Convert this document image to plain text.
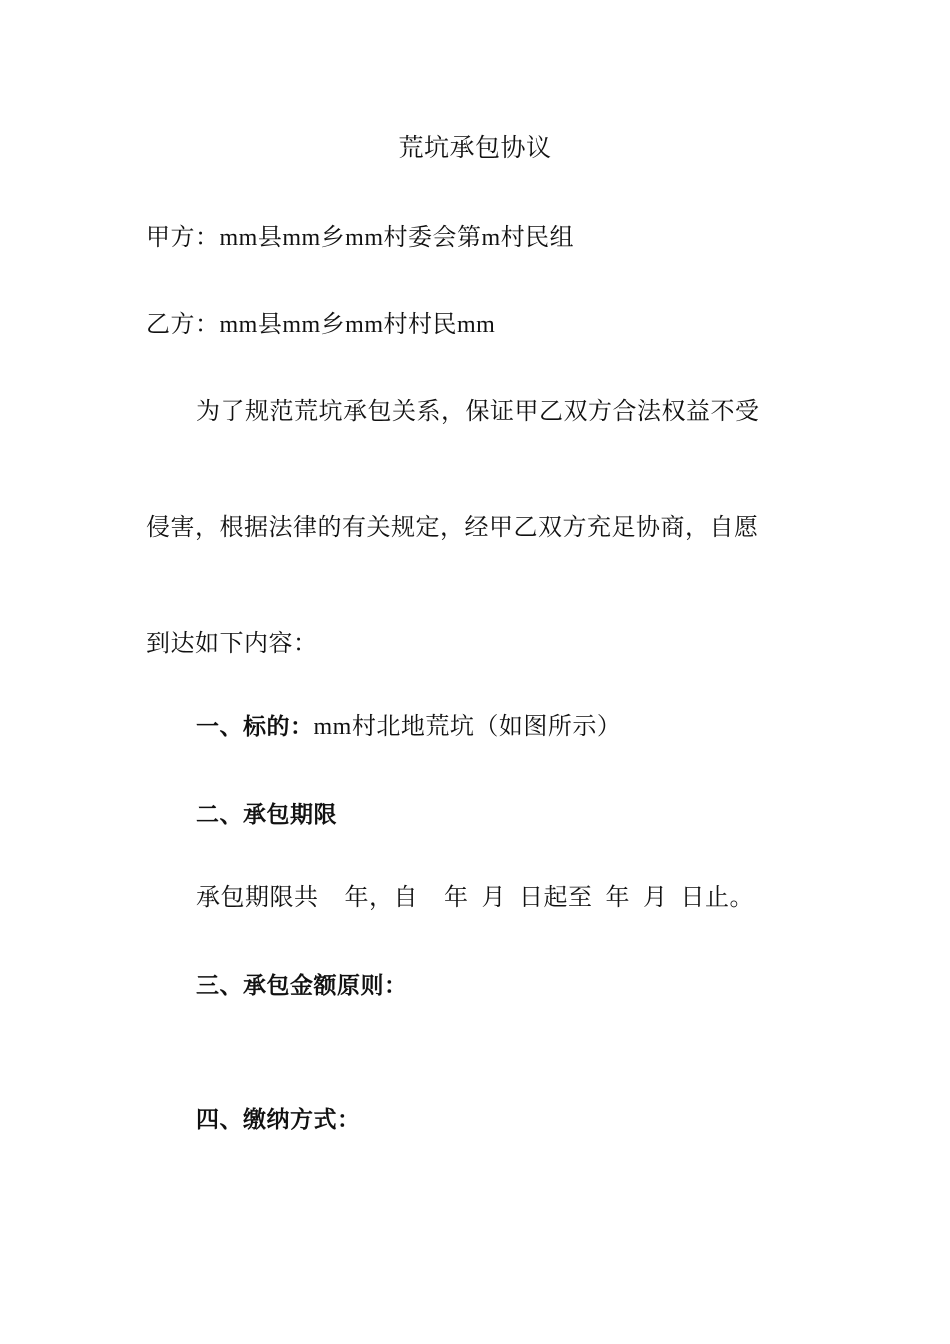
荒坑承包协议
甲方：mm县mm乡mm村委会第m村民组
乙方：mm县mm乡mm村村民mm
为了规范荒坑承包关系，保证甲乙双方合法权益不受
侵害，根据法律的有关规定，经甲乙双方充足协商，自愿
到达如下内容：
一、标的：mm村北地荒坑（如图所示）
二、承包期限
承包期限共    年，自    年  月  日起至  年  月  日止。
三、承包金额原则：
四、缴纳方式：
